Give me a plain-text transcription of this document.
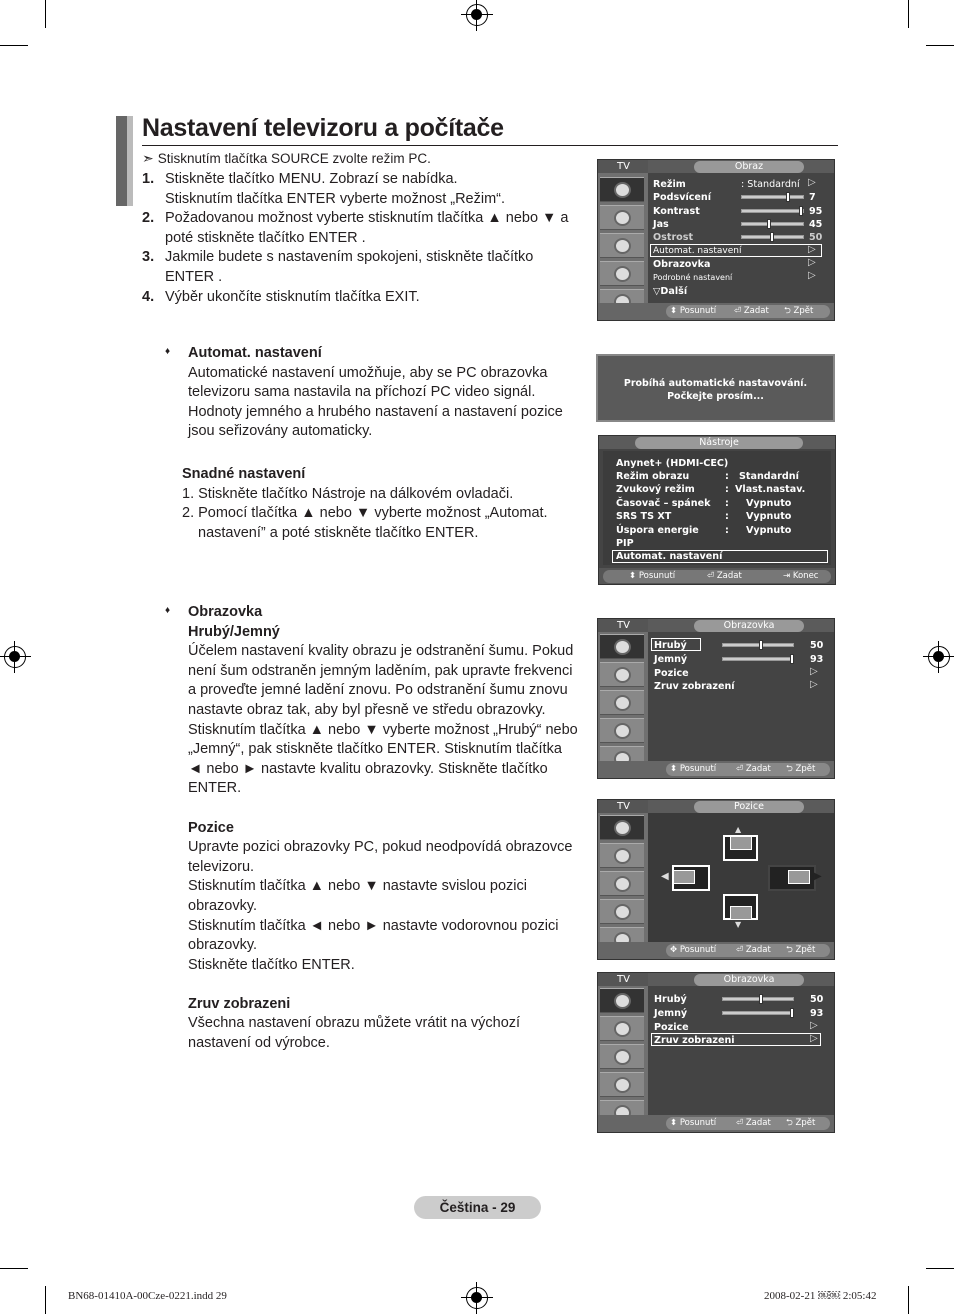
Nastavení televizoru a počítače
➣ Stisknutím tlačítka SOURCE zvolte režim PC.
1. Stiskněte tlačítko MENU. Zobrazí se nabídka.
Stisknutím tlačítka ENTER vyberte možnost „Režim“.
2. Požadovanou možnost vyberte stisknutím tlačítka ▲ nebo ▼ a
poté stiskněte tlačítko ENTER .
3. Jakmile budete s nastavením spokojeni, stiskněte tlačítko
ENTER .
4. Výběr ukončíte stisknutím tlačítka EXIT.
♦ Automat. nastavení
Automatické nastavení umožňuje, aby se PC obrazovka
televizoru sama nastavila na příchozí PC video signál.
Hodnoty jemného a hrubého nastavení a nastavení pozice
jsou seřizovány automaticky.
Snadné nastavení
1. Stiskněte tlačítko Nástroje na dálkovém ovladači.
2. Pomocí tlačítka ▲ nebo ▼ vyberte možnost „Automat.
nastavení” a poté stiskněte tlačítko ENTER.
♦ Obrazovka
Hrubý/Jemný
Účelem nastavení kvality obrazu je odstranění šumu. Pokud
není šum odstraněn jemným laděním, pak upravte frekvenci
a proveďte jemné ladění znovu. Po odstranění šumu znovu
nastavte obraz tak, aby byl přesně ve středu obrazovky.
Stisknutím tlačítka ▲ nebo ▼ vyberte možnost „Hrubý“ nebo
„Jemný“, pak stiskněte tlačítko ENTER. Stisknutím tlačítka
◄ nebo ► nastavte kvalitu obrazovky. Stiskněte tlačítko
ENTER.
Pozice
Upravte pozici obrazovky PC, pokud neodpovídá obrazovce
televizoru.
Stisknutím tlačítka ▲ nebo ▼ nastavte svislou pozici
obrazovky.
Stisknutím tlačítka ◄ nebo ► nastavte vodorovnou pozici
obrazovky.
Stiskněte tlačítko ENTER.
Zruv zobrazeni
Všechna nastavení obrazu můžete vrátit na výchozí
nastavení od výrobce.
TV	Obraz
Režim	: Standardní ▷
Podsvícení	7
Kontrast	95
Jas	45
Ostrost	50
Automat. nastavení	▷
Obrazovka	▷
Podrobné nastavení	▷
▽Další
⬍ Posunutí ⏎ Zadat ⮌ Zpět
Probíhá automatické nastavování.
Počkejte prosím...
Nástroje
Anynet+ (HDMI-CEC)
Režim obrazu	: Standardní
Zvukový režim	: Vlast.nastav.
Časovač – spánek : Vypnuto
SRS TS XT	: Vypnuto
Úspora energie	: Vypnuto
PIP
Automat. nastavení
⬍ Posunutí	⏎ Zadat	⇥ Konec
TV	Obrazovka
Hrubý	50
Jemný	93
Pozice	▷
Zruv zobrazení	▷
⬍ Posunutí ⏎ Zadat ⮌ Zpět
TV	Pozice
▲
◀	▶
▼
✥ Posunutí ⏎ Zadat ⮌ Zpět
TV	Obrazovka
Hrubý	50
Jemný	93
Pozice	▷
Zruv zobrazeni	▷
⬍ Posunutí ⏎ Zadat ⮌ Zpět
Čeština - 29
BN68-01410A-00Cze-0221.indd 29	2008-02-21 ￼￼ 2:05:42
